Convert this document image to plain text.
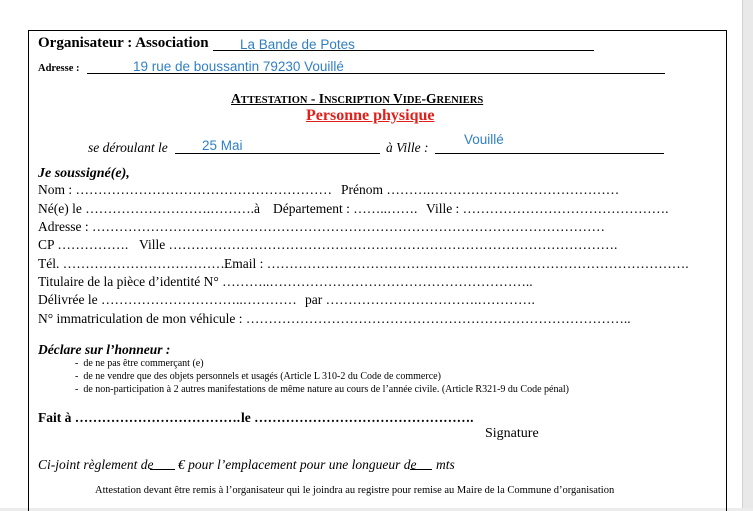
Organisateur : Association La Bande de Potes
Adresse :	19 rue de boussantin 79230 Vouillé
ATTESTATION - INSCRIPTION VIDE-GRENIERS
Personne physique
se déroulant le	25 Mai	à Ville :
Vouillé
Je soussigné(e),
Nom : ………………………………………………… Prénom ……….……………………………………
Né(e) le ……………………….……….à Département : ……..……. Ville : ……………………………………….
Adresse : ……………………………………………………………………………………………………
CP ……………. Ville ……………………………………………………………………………………….
Tél. ……………………………….
Email : ………………………………………………………………………………….
Titulaire de la pièce d’identité N° ………..…………………………………………………..
Délivrée le …………………………..………… par …………………………….………….
N° immatriculation de mon véhicule : …………………………………………………………………………..
Déclare sur l’honneur :
-  de ne pas être commerçant (e)
-  de ne vendre que des objets personnels et usagés (Article L 310-2 du Code de commerce)
-  de non-participation à 2 autres manifestations de même nature au cours de l’année civile. (Article R321-9 du Code pénal)
Fait à ………………………………. le ………………………………………….
Signature
Ci-joint règlement de € pour l’emplacement pour une longueur de mts
Attestation devant être remis à l’organisateur qui le joindra au registre pour remise au Maire de la Commune d’organisation
